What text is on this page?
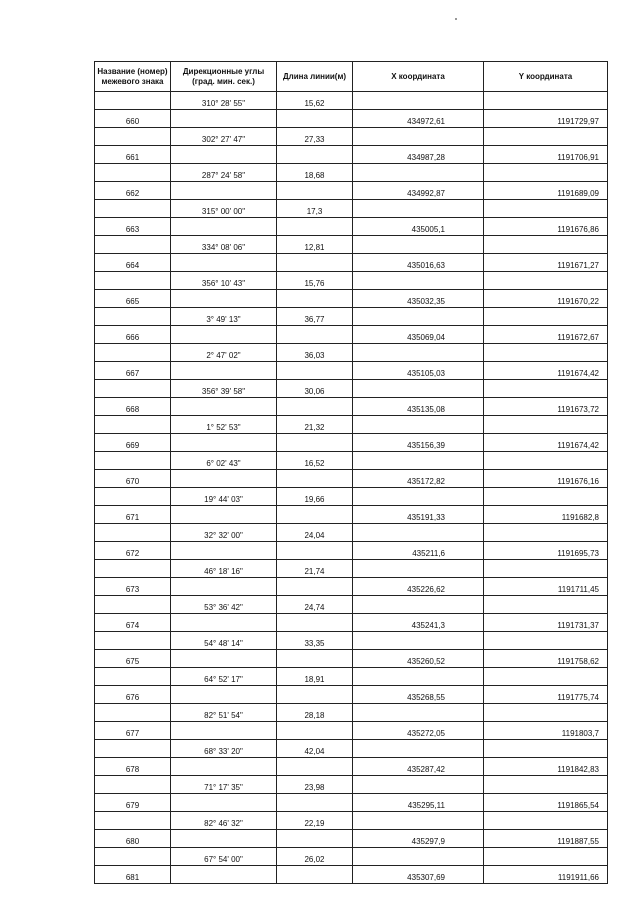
Название (номер) межевого знака	Дирекционные углы (град. мин. сек.)	Длина линии(м)	X координата	Y координата
	310° 28' 55"	15,62		
660			434972,61	1191729,97
	302° 27' 47"	27,33		
661			434987,28	1191706,91
	287° 24' 58"	18,68		
662			434992,87	1191689,09
	315° 00' 00"	17,3		
663			435005,1	1191676,86
	334° 08' 06"	12,81		
664			435016,63	1191671,27
	356° 10' 43"	15,76		
665			435032,35	1191670,22
	3° 49' 13"	36,77		
666			435069,04	1191672,67
	2° 47' 02"	36,03		
667			435105,03	1191674,42
	356° 39' 58"	30,06		
668			435135,08	1191673,72
	1° 52' 53"	21,32		
669			435156,39	1191674,42
	6° 02' 43"	16,52		
670			435172,82	1191676,16
	19° 44' 03"	19,66		
671			435191,33	1191682,8
	32° 32' 00"	24,04		
672			435211,6	1191695,73
	46° 18' 16"	21,74		
673			435226,62	1191711,45
	53° 36' 42"	24,74		
674			435241,3	1191731,37
	54° 48' 14"	33,35		
675			435260,52	1191758,62
	64° 52' 17"	18,91		
676			435268,55	1191775,74
	82° 51' 54"	28,18		
677			435272,05	1191803,7
	68° 33' 20"	42,04		
678			435287,42	1191842,83
	71° 17' 35"	23,98		
679			435295,11	1191865,54
	82° 46' 32"	22,19		
680			435297,9	1191887,55
	67° 54' 00"	26,02		
681			435307,69	1191911,66
